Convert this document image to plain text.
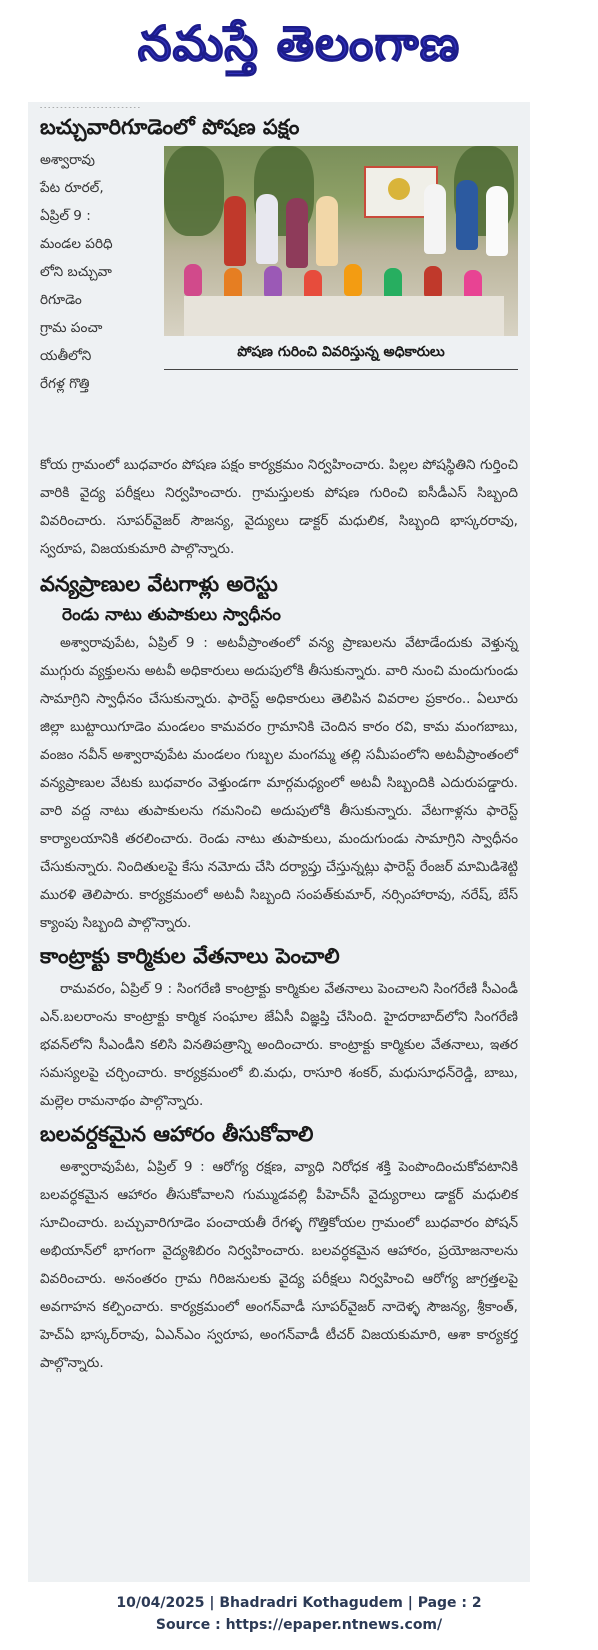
నమస్తే తెలంగాణ
- - - - - - - - - - - - - - - - - - - - - - - - -
బచ్చువారిగూడెంలో పోషణ పక్షం
అశ్వారావు
పేట రూరల్,
ఏప్రిల్ 9 :
మండల పరిధి
లోని బచ్చువా
రిగూడెం
గ్రామ పంచా
యతీలోని
రేగళ్ల గొత్తి
పోషణ గురించి వివరిస్తున్న అధికారులు
కోయ గ్రామంలో బుధవారం పోషణ పక్షం కార్యక్రమం నిర్వహించారు. పిల్లల పోషస్థితిని గుర్తించి వారికి వైద్య పరీక్షలు నిర్వహించారు. గ్రామస్తులకు పోషణ గురించి ఐసీడీఎస్ సిబ్బంది వివరించారు. సూపర్‌వైజర్ సౌజన్య, వైద్యులు డాక్టర్ మధులిక, సిబ్బంది భాస్కరరావు, స్వరూప, విజయకుమారి పాల్గొన్నారు.
వన్యప్రాణుల వేటగాళ్లు అరెస్టు
రెండు నాటు తుపాకులు స్వాధీనం
అశ్వారావుపేట, ఏప్రిల్ 9 : అటవీప్రాంతంలో వన్య ప్రాణులను వేటాడేందుకు వెళ్తున్న ముగ్గురు వ్యక్తులను అటవీ అధికారులు అదుపులోకి తీసుకున్నారు. వారి నుంచి మందుగుండు సామాగ్రిని స్వాధీనం చేసుకున్నారు. ఫారెస్ట్ అధికారులు తెలిపిన వివరాల ప్రకారం.. ఏలూరు జిల్లా బుట్టాయిగూడెం మండలం కామవరం గ్రామానికి చెందిన కారం రవి, కామ మంగబాబు, వంజం నవీన్ అశ్వారావుపేట మండలం గుబ్బల మంగమ్మ తల్లి సమీపంలోని అటవీప్రాంతంలో వన్యప్రాణుల వేటకు బుధవారం వెళ్తుండగా మార్గమధ్యంలో అటవీ సిబ్బందికి ఎదురుపడ్డారు. వారి వద్ద నాటు తుపాకులను గమనించి అదుపులోకి తీసుకున్నారు. వేటగాళ్లను ఫారెస్ట్ కార్యాలయానికి తరలించారు. రెండు నాటు తుపాకులు, మందుగుండు సామాగ్రిని స్వాధీనం చేసుకున్నారు. నిందితులపై కేసు నమోదు చేసి దర్యాప్తు చేస్తున్నట్లు ఫారెస్ట్ రేంజర్ మామిడిశెట్టి మురళి తెలిపారు. కార్యక్రమంలో అటవీ సిబ్బంది సంపత్‌కుమార్, నర్సింహారావు, నరేష్, బేస్ క్యాంపు సిబ్బంది పాల్గొన్నారు.
కాంట్రాక్టు కార్మికుల వేతనాలు పెంచాలి
రామవరం, ఏప్రిల్ 9 : సింగరేణి కాంట్రాక్టు కార్మికుల వేతనాలు పెంచాలని సింగరేణి సీఎండీ ఎన్.బలరాంను కాంట్రాక్టు కార్మిక సంఘాల జేఏసీ విజ్ఞప్తి చేసింది. హైదరాబాద్‌లోని సింగరేణి భవన్‌లోని సీఎండీని కలిసి వినతిపత్రాన్ని అందించారు. కాంట్రాక్టు కార్మికుల వేతనాలు, ఇతర సమస్యలపై చర్చించారు. కార్యక్రమంలో బి.మధు, రాసూరి శంకర్, మధుసూధన్‌రెడ్డి, బాబు, మల్లెల రామనాథం పాల్గొన్నారు.
బలవర్ధకమైన ఆహారం తీసుకోవాలి
అశ్వారావుపేట, ఏప్రిల్ 9 : ఆరోగ్య రక్షణ, వ్యాధి నిరోధక శక్తి పెంపొందించుకోవటానికి బలవర్ధకమైన ఆహారం తీసుకోవాలని గుమ్ముడవల్లి పీహెచ్‌సీ వైద్యురాలు డాక్టర్ మధులిక సూచించారు. బచ్చువారిగూడెం పంచాయతీ రేగళ్ళ గొత్తికోయల గ్రామంలో బుధవారం పోషన్ అభియాన్‌లో భాగంగా వైద్యశిబిరం నిర్వహించారు. బలవర్ధకమైన ఆహారం, ప్రయోజనాలను వివరించారు. అనంతరం గ్రామ గిరిజనులకు వైద్య పరీక్షలు నిర్వహించి ఆరోగ్య జాగ్రత్తలపై అవగాహన కల్పించారు. కార్యక్రమంలో అంగన్‌వాడీ సూపర్‌వైజర్ నాదెళ్ళ సౌజన్య, శ్రీకాంత్, హెచ్ఏ భాస్కర్‌రావు, ఏఎన్ఎం స్వరూప, అంగన్‌వాడీ టీచర్ విజయకుమారి, ఆశా కార్యకర్త పాల్గొన్నారు.
10/04/2025 | Bhadradri Kothagudem | Page : 2
Source : https://epaper.ntnews.com/
